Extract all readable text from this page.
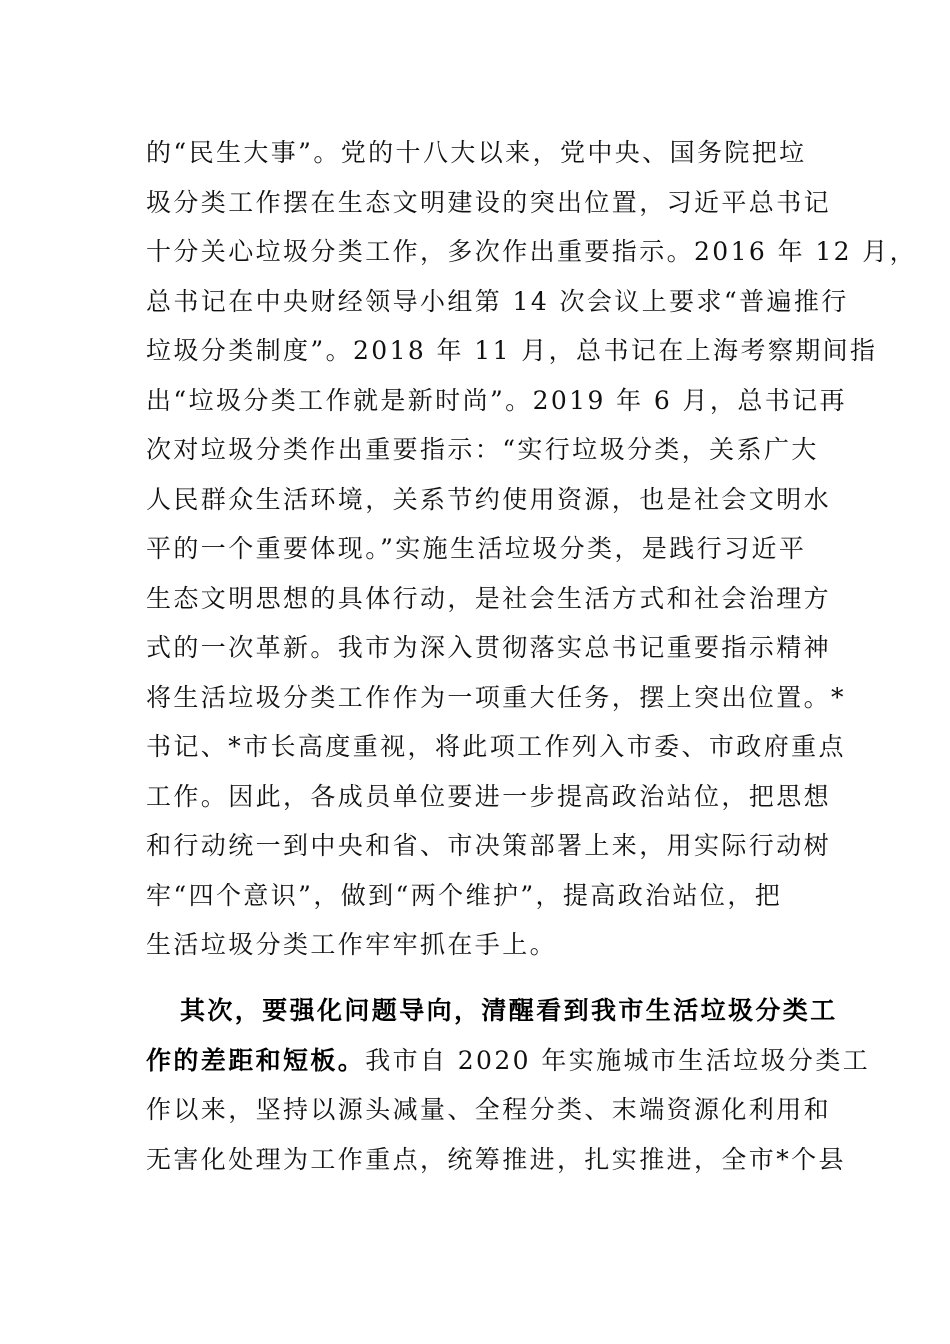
的“民生大事”。党的十八大以来，党中央、国务院把垃
圾分类工作摆在生态文明建设的突出位置，习近平总书记
十分关心垃圾分类工作，多次作出重要指示。2016 年 12 月，
总书记在中央财经领导小组第 14 次会议上要求“普遍推行
垃圾分类制度”。2018 年 11 月，总书记在上海考察期间指
出“垃圾分类工作就是新时尚”。2019 年 6 月，总书记再
次对垃圾分类作出重要指示：“实行垃圾分类，关系广大
人民群众生活环境，关系节约使用资源，也是社会文明水
平的一个重要体现。”实施生活垃圾分类，是践行习近平
生态文明思想的具体行动，是社会生活方式和社会治理方
式的一次革新。我市为深入贯彻落实总书记重要指示精神
将生活垃圾分类工作作为一项重大任务，摆上突出位置。*
书记、*市长高度重视，将此项工作列入市委、市政府重点
工作。因此，各成员单位要进一步提高政治站位，把思想
和行动统一到中央和省、市决策部署上来，用实际行动树
牢“四个意识”，做到“两个维护”，提高政治站位，把
生活垃圾分类工作牢牢抓在手上。
其次，要强化问题导向，清醒看到我市生活垃圾分类工
作的差距和短板。我市自 2020 年实施城市生活垃圾分类工
作以来，坚持以源头减量、全程分类、末端资源化利用和
无害化处理为工作重点，统筹推进，扎实推进，全市*个县
